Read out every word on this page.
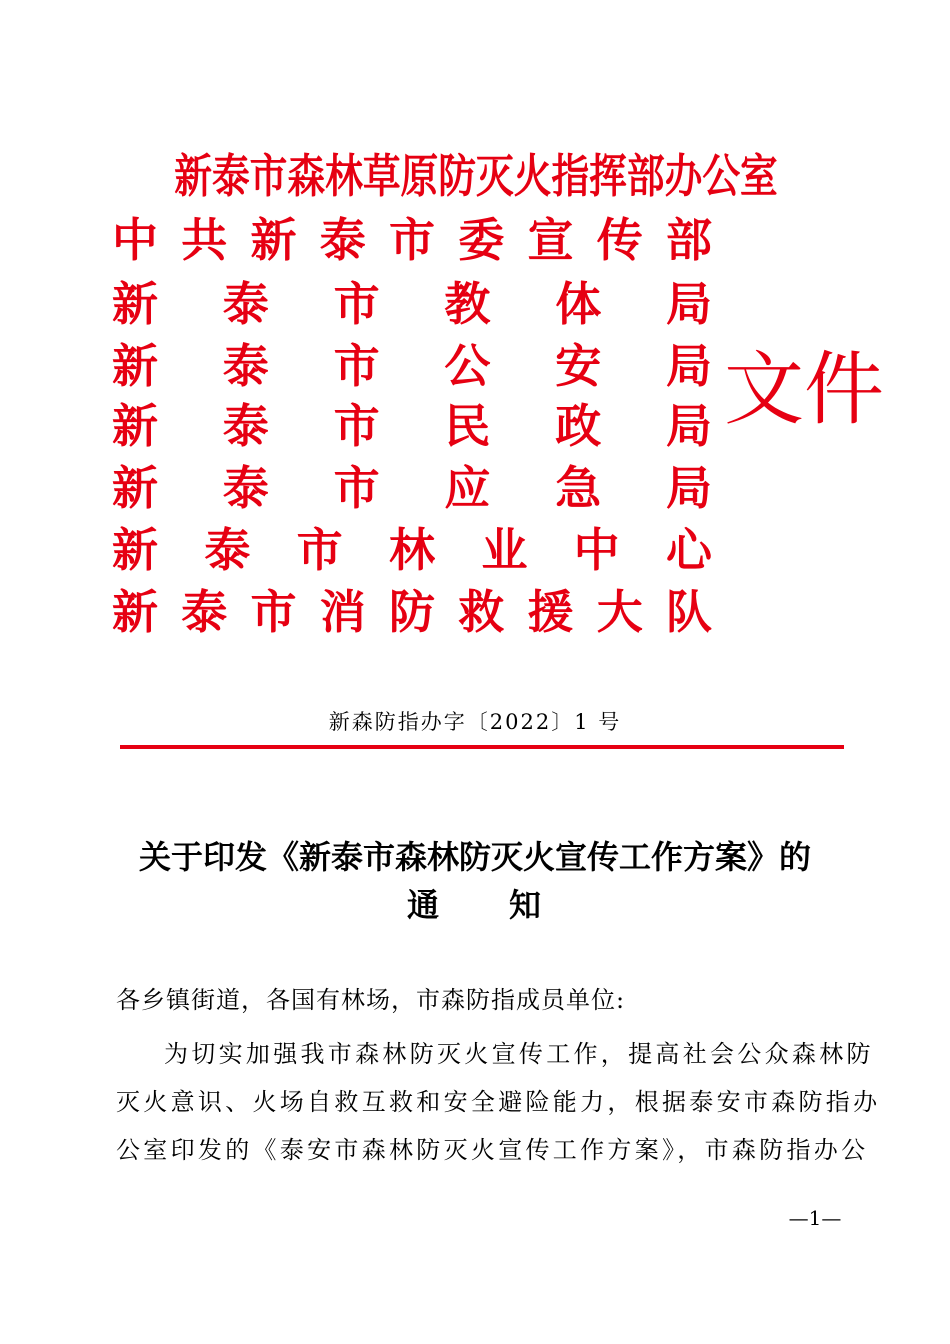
新泰市森林草原防灭火指挥部办公室
中 共 新 泰 市 委 宣 传 部
新 泰 市 教 体 局
新 泰 市 公 安 局
新 泰 市 民 政 局
新 泰 市 应 急 局
新 泰 市 林 业 中 心
新 泰 市 消 防 救 援 大 队
文件
新森防指办字〔2022〕1 号
关于印发《新泰市森林防灭火宣传工作方案》的
通　　知
各乡镇街道，各国有林场，市森防指成员单位:
为切实加强我市森林防灭火宣传工作，提高社会公众森林防
灭火意识、火场自救互救和安全避险能力，根据泰安市森防指办
公室印发的《泰安市森林防灭火宣传工作方案》，市森防指办公
—1—
